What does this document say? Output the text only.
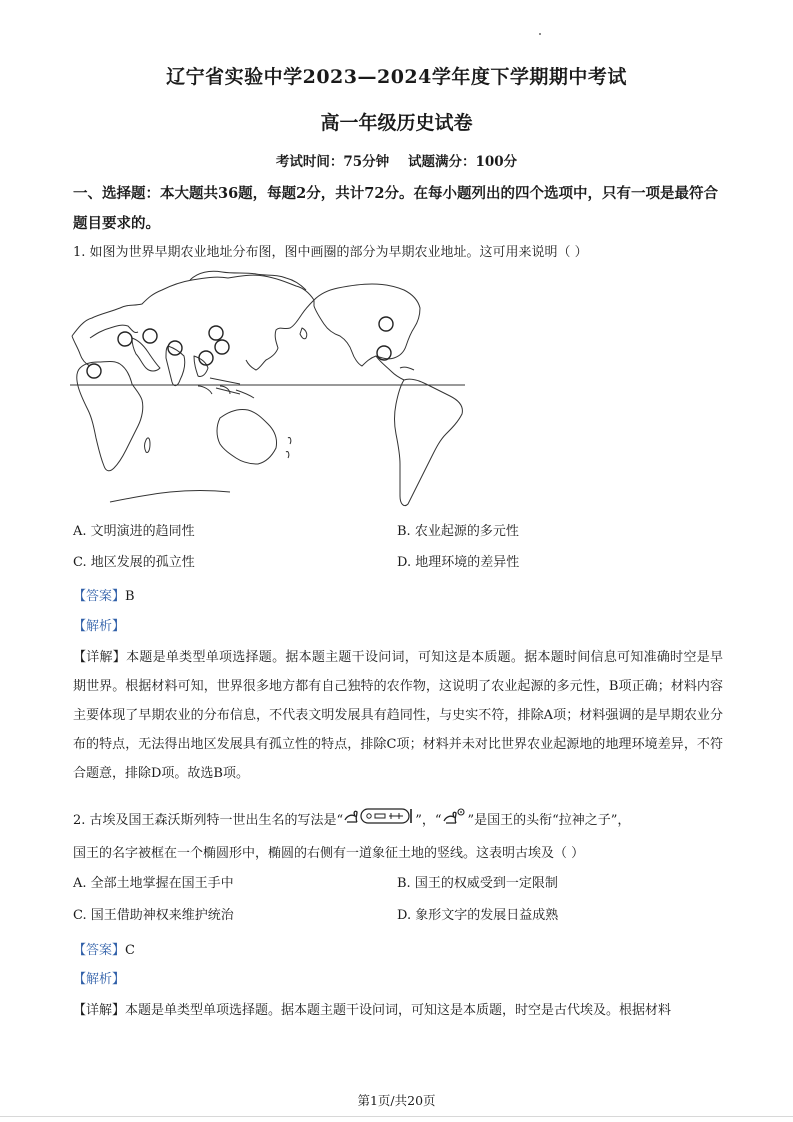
辽宁省实验中学2023—2024学年度下学期期中考试
高一年级历史试卷
考试时间：75分钟    试题满分：100分
一、选择题：本大题共36题，每题2分，共计72分。在每小题列出的四个选项中，只有一项是最符合题目要求的。
1. 如图为世界早期农业地址分布图，图中画圈的部分为早期农业地址。这可用来说明（ ）
A. 文明演进的趋同性	B. 农业起源的多元性
C. 地区发展的孤立性	D. 地理环境的差异性
【答案】B
【解析】
【详解】本题是单类型单项选择题。据本题主题干设问词，可知这是本质题。据本题时间信息可知准确时空是早期世界。根据材料可知，世界很多地方都有自己独特的农作物，这说明了农业起源的多元性，B项正确；材料内容主要体现了早期农业的分布信息，不代表文明发展具有趋同性，与史实不符，排除A项；材料强调的是早期农业分布的特点，无法得出地区发展具有孤立性的特点，排除C项；材料并未对比世界农业起源地的地理环境差异，不符合题意，排除D项。故选B项。
2. 古埃及国王森沃斯列特一世出生名的写法是“	”，“ ”是国王的头衔“拉神之子”，
国王的名字被框在一个椭圆形中，椭圆的右侧有一道象征土地的竖线。这表明古埃及（ ）
A. 全部土地掌握在国王手中	B. 国王的权威受到一定限制
C. 国王借助神权来维护统治	D. 象形文字的发展日益成熟
【答案】C
【解析】
【详解】本题是单类型单项选择题。据本题主题干设问词，可知这是本质题，时空是古代埃及。根据材料
第1页/共20页
